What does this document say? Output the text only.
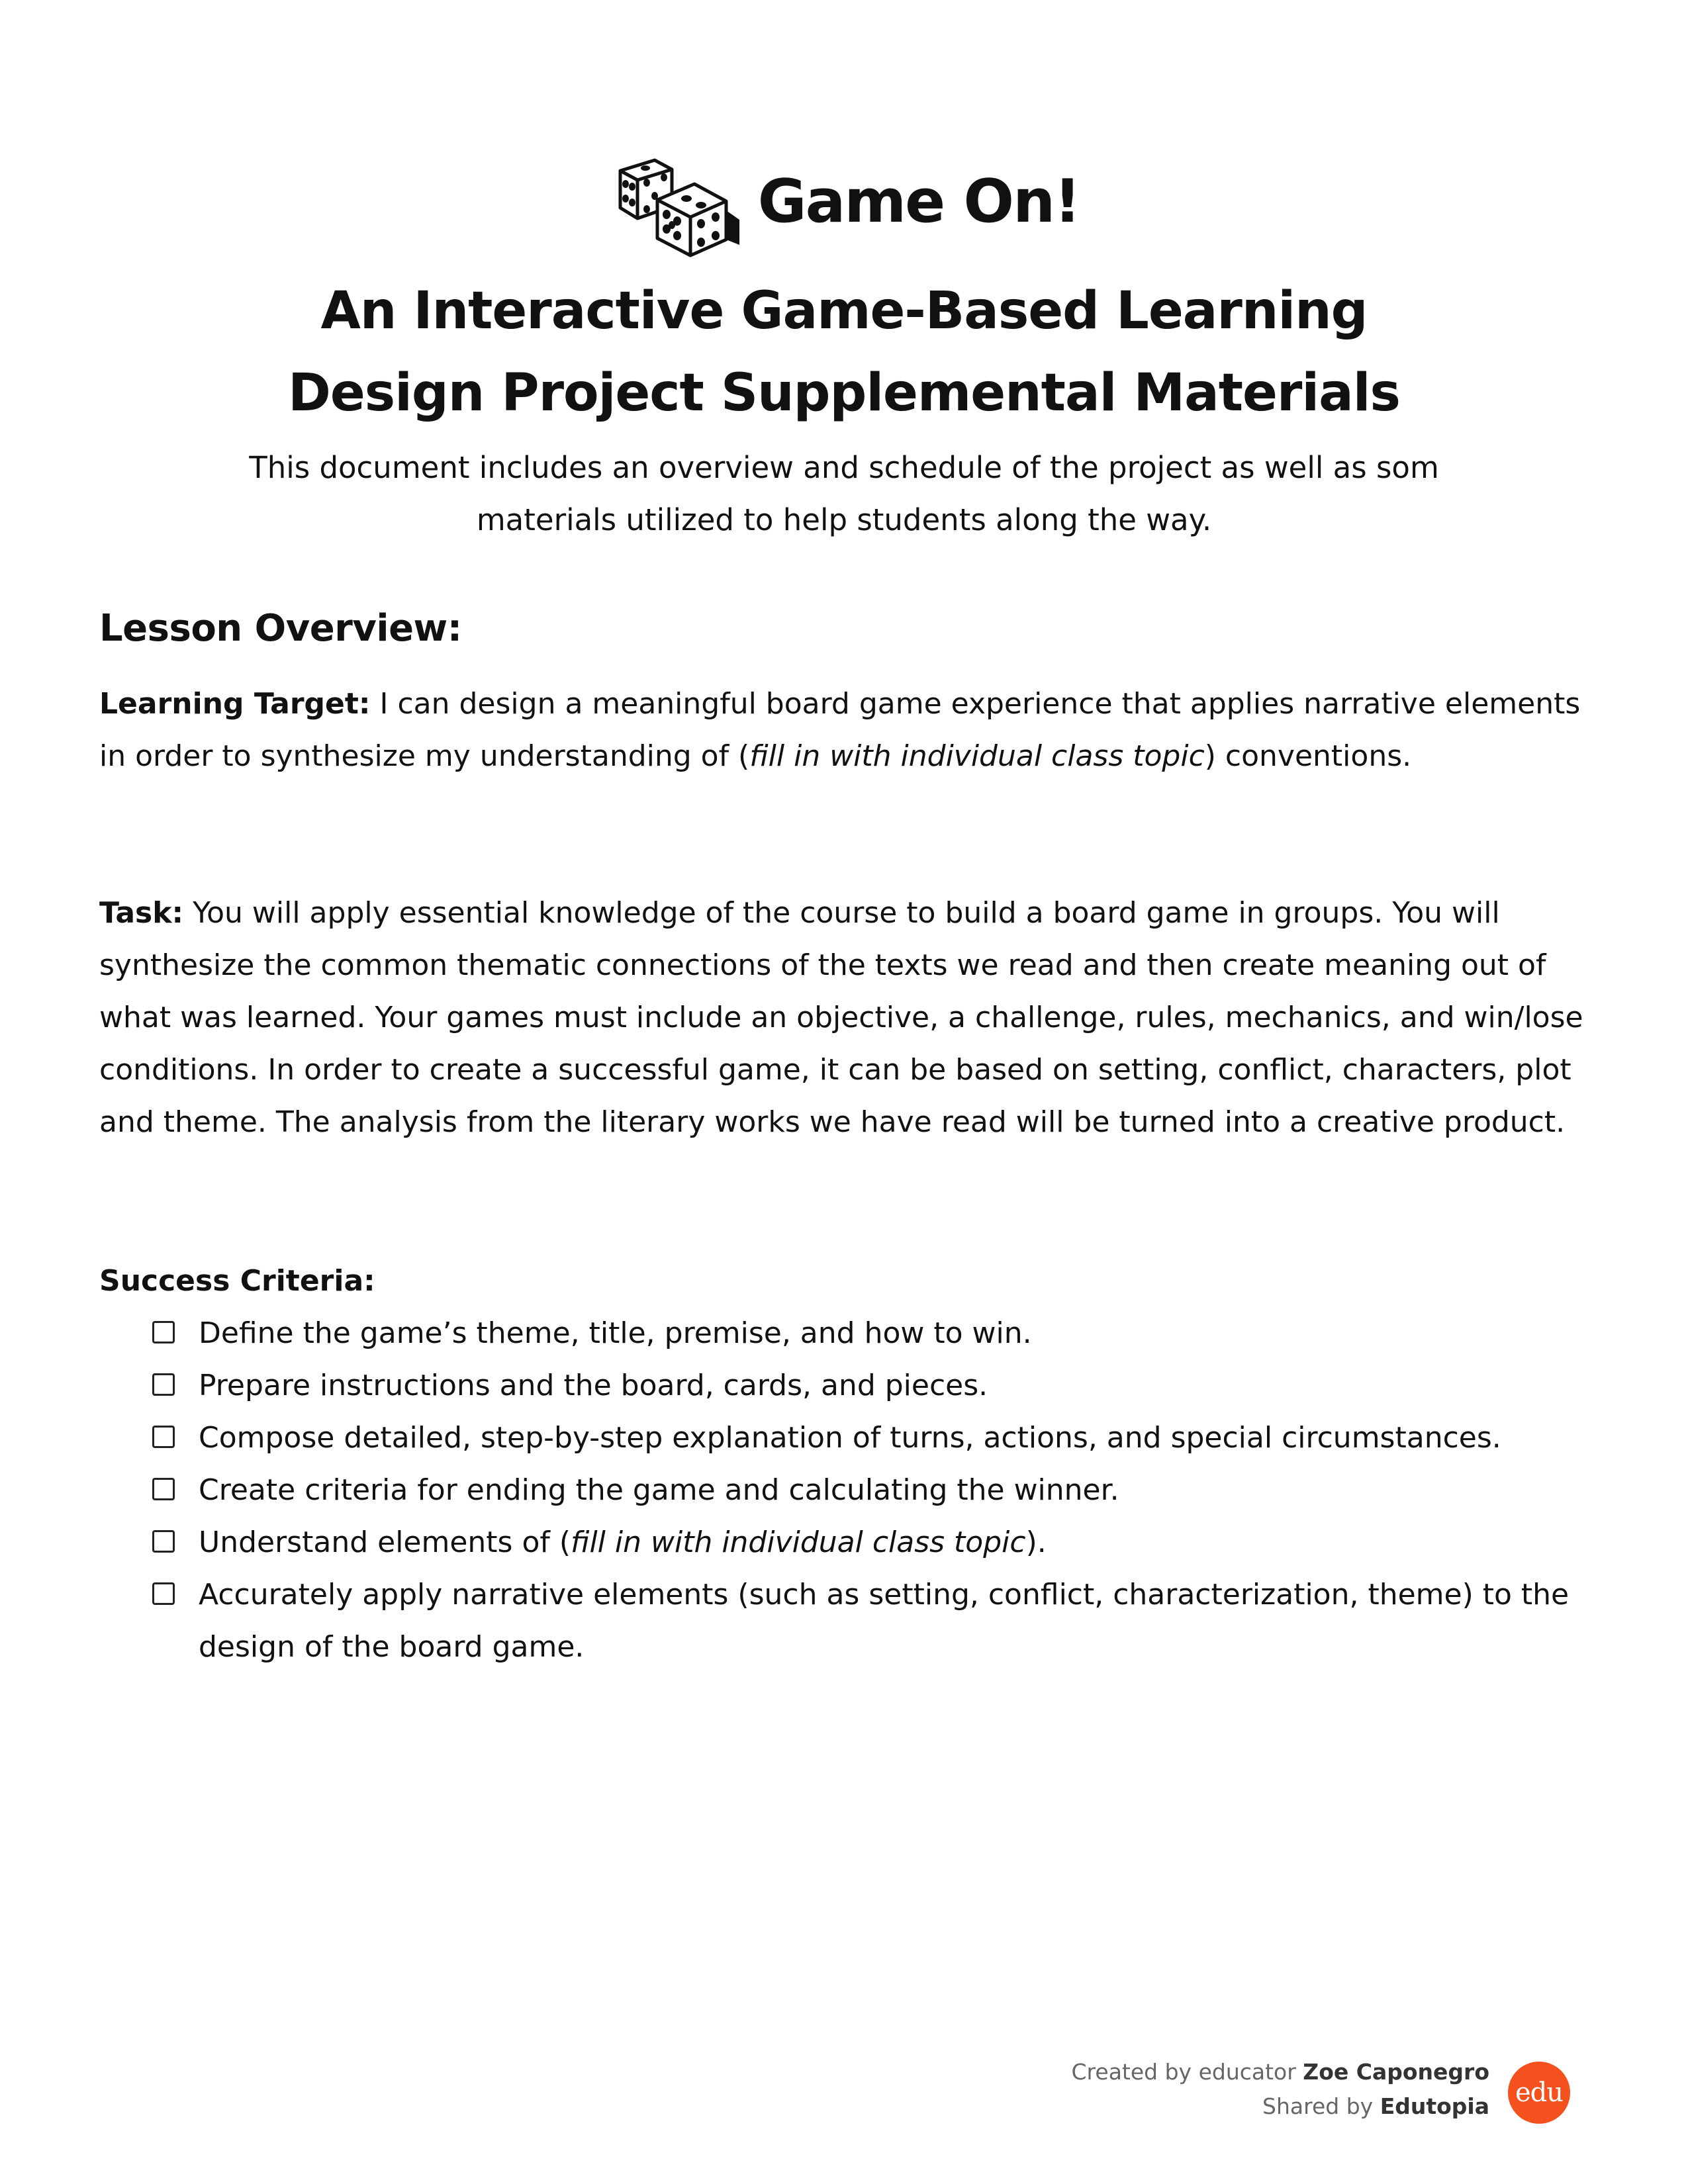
Game On!
An Interactive Game-Based Learning
Design Project Supplemental Materials
This document includes an overview and schedule of the project as well as som
materials utilized to help students along the way.
Lesson Overview:
Learning Target: I can design a meaningful board game experience that applies narrative elements in order to synthesize my understanding of (fill in with individual class topic) conventions.
Task: You will apply essential knowledge of the course to build a board game in groups. You will synthesize the common thematic connections of the texts we read and then create meaning out of what was learned. Your games must include an objective, a challenge, rules, mechanics, and win/lose conditions. In order to create a successful game, it can be based on setting, conflict, characters, plot and theme. The analysis from the literary works we have read will be turned into a creative product.
Success Criteria:
Define the game’s theme, title, premise, and how to win.
Prepare instructions and the board, cards, and pieces.
Compose detailed, step-by-step explanation of turns, actions, and special circumstances.
Create criteria for ending the game and calculating the winner.
Understand elements of (fill in with individual class topic).
Accurately apply narrative elements (such as setting, conflict, characterization, theme) to the design of the board game.
Created by educator Zoe Caponegro
Shared by Edutopia edu
